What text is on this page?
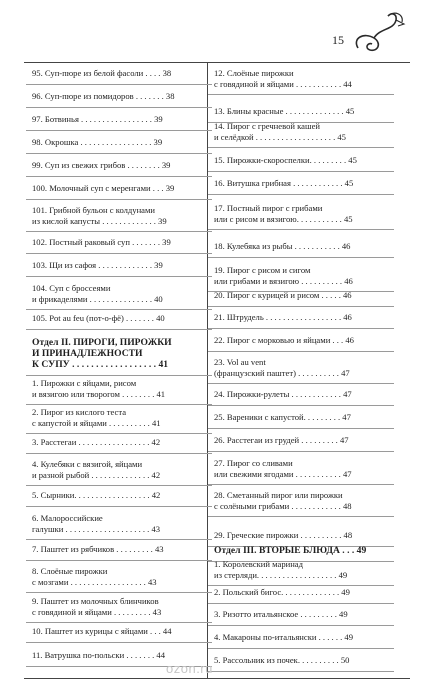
15
95. Суп-пюре из белой фасоли . . . . 38
96. Суп-пюре из помидоров . . . . . . . 38
97. Ботвинья . . . . . . . . . . . . . . . . . 39
98. Окрошка . . . . . . . . . . . . . . . . . 39
99. Суп из свежих грибов . . . . . . . . 39
100. Молочный суп с меренгами . . . 39
101. Грибной бульон с колдунами
из кислой капусты . . . . . . . . . . . . . 39
102. Постный раковый суп . . . . . . . 39
103. Щи из сафоя . . . . . . . . . . . . . 39
104. Суп с броссеями
и фрикаделями . . . . . . . . . . . . . . . 40
105. Pot au feu (пот-о-фё) . . . . . . . 40
Отдел II. ПИРОГИ, ПИРОЖКИ
И ПРИНАДЛЕЖНОСТИ
К СУПУ . . . . . . . . . . . . . . . . . . 41
1. Пирожки с яйцами, рисом
и вязигою или творогом . . . . . . . . 41
2. Пирог из кислого теста
с капустой и яйцами . . . . . . . . . . 41
3. Расстегаи . . . . . . . . . . . . . . . . . 42
4. Кулебяки с вязигой, яйцами
и разной рыбой . . . . . . . . . . . . . . 42
5. Сырники. . . . . . . . . . . . . . . . . . 42
6. Малороссийские
галушки . . . . . . . . . . . . . . . . . . . . 43
7. Паштет из рябчиков . . . . . . . . . 43
8. Слоёные пирожки
с мозгами . . . . . . . . . . . . . . . . . . 43
9. Паштет из молочных блинчиков
с говядиной и яйцами . . . . . . . . . 43
10. Паштет из курицы с яйцами . . . 44
11. Ватрушка по-польски . . . . . . . 44
12. Слоёные пирожки
с говядиной и яйцами . . . . . . . . . . . 44
13. Блины красные . . . . . . . . . . . . . . 45
14. Пирог с гречневой кашей
и селёдкой . . . . . . . . . . . . . . . . . . . 45
15. Пирожки-скороспелки. . . . . . . . . 45
16. Витушка грибная . . . . . . . . . . . . 45
17. Постный пирог с грибами
или с рисом и вязигою. . . . . . . . . . . 45
18. Кулебяка из рыбы . . . . . . . . . . . 46
19. Пирог с рисом и сигом
или грибами и вязигою . . . . . . . . . . 46
20. Пирог с курицей и рисом . . . . . 46
21. Штрудель . . . . . . . . . . . . . . . . . . 46
22. Пирог с морковью и яйцами . . . 46
23. Vol au vent
(французский паштет) . . . . . . . . . . 47
24. Пирожки-рулеты . . . . . . . . . . . . 47
25. Вареники с капустой. . . . . . . . . 47
26. Расстегаи из грудей . . . . . . . . . 47
27. Пирог со сливами
или свежими ягодами . . . . . . . . . . . 47
28. Сметанный пирог или пирожки
с солёными грибами . . . . . . . . . . . . 48
29. Греческие пирожки . . . . . . . . . . 48
Отдел III. ВТОРЫЕ БЛЮДА . . . 49
1. Королевский маринад
из стерляди. . . . . . . . . . . . . . . . . . . 49
2. Польский бигос. . . . . . . . . . . . . . 49
3. Ризотто итальянское . . . . . . . . . 49
4. Макароны по-итальянски . . . . . . 49
5. Рассольник из почек. . . . . . . . . . 50
ozon.ru
